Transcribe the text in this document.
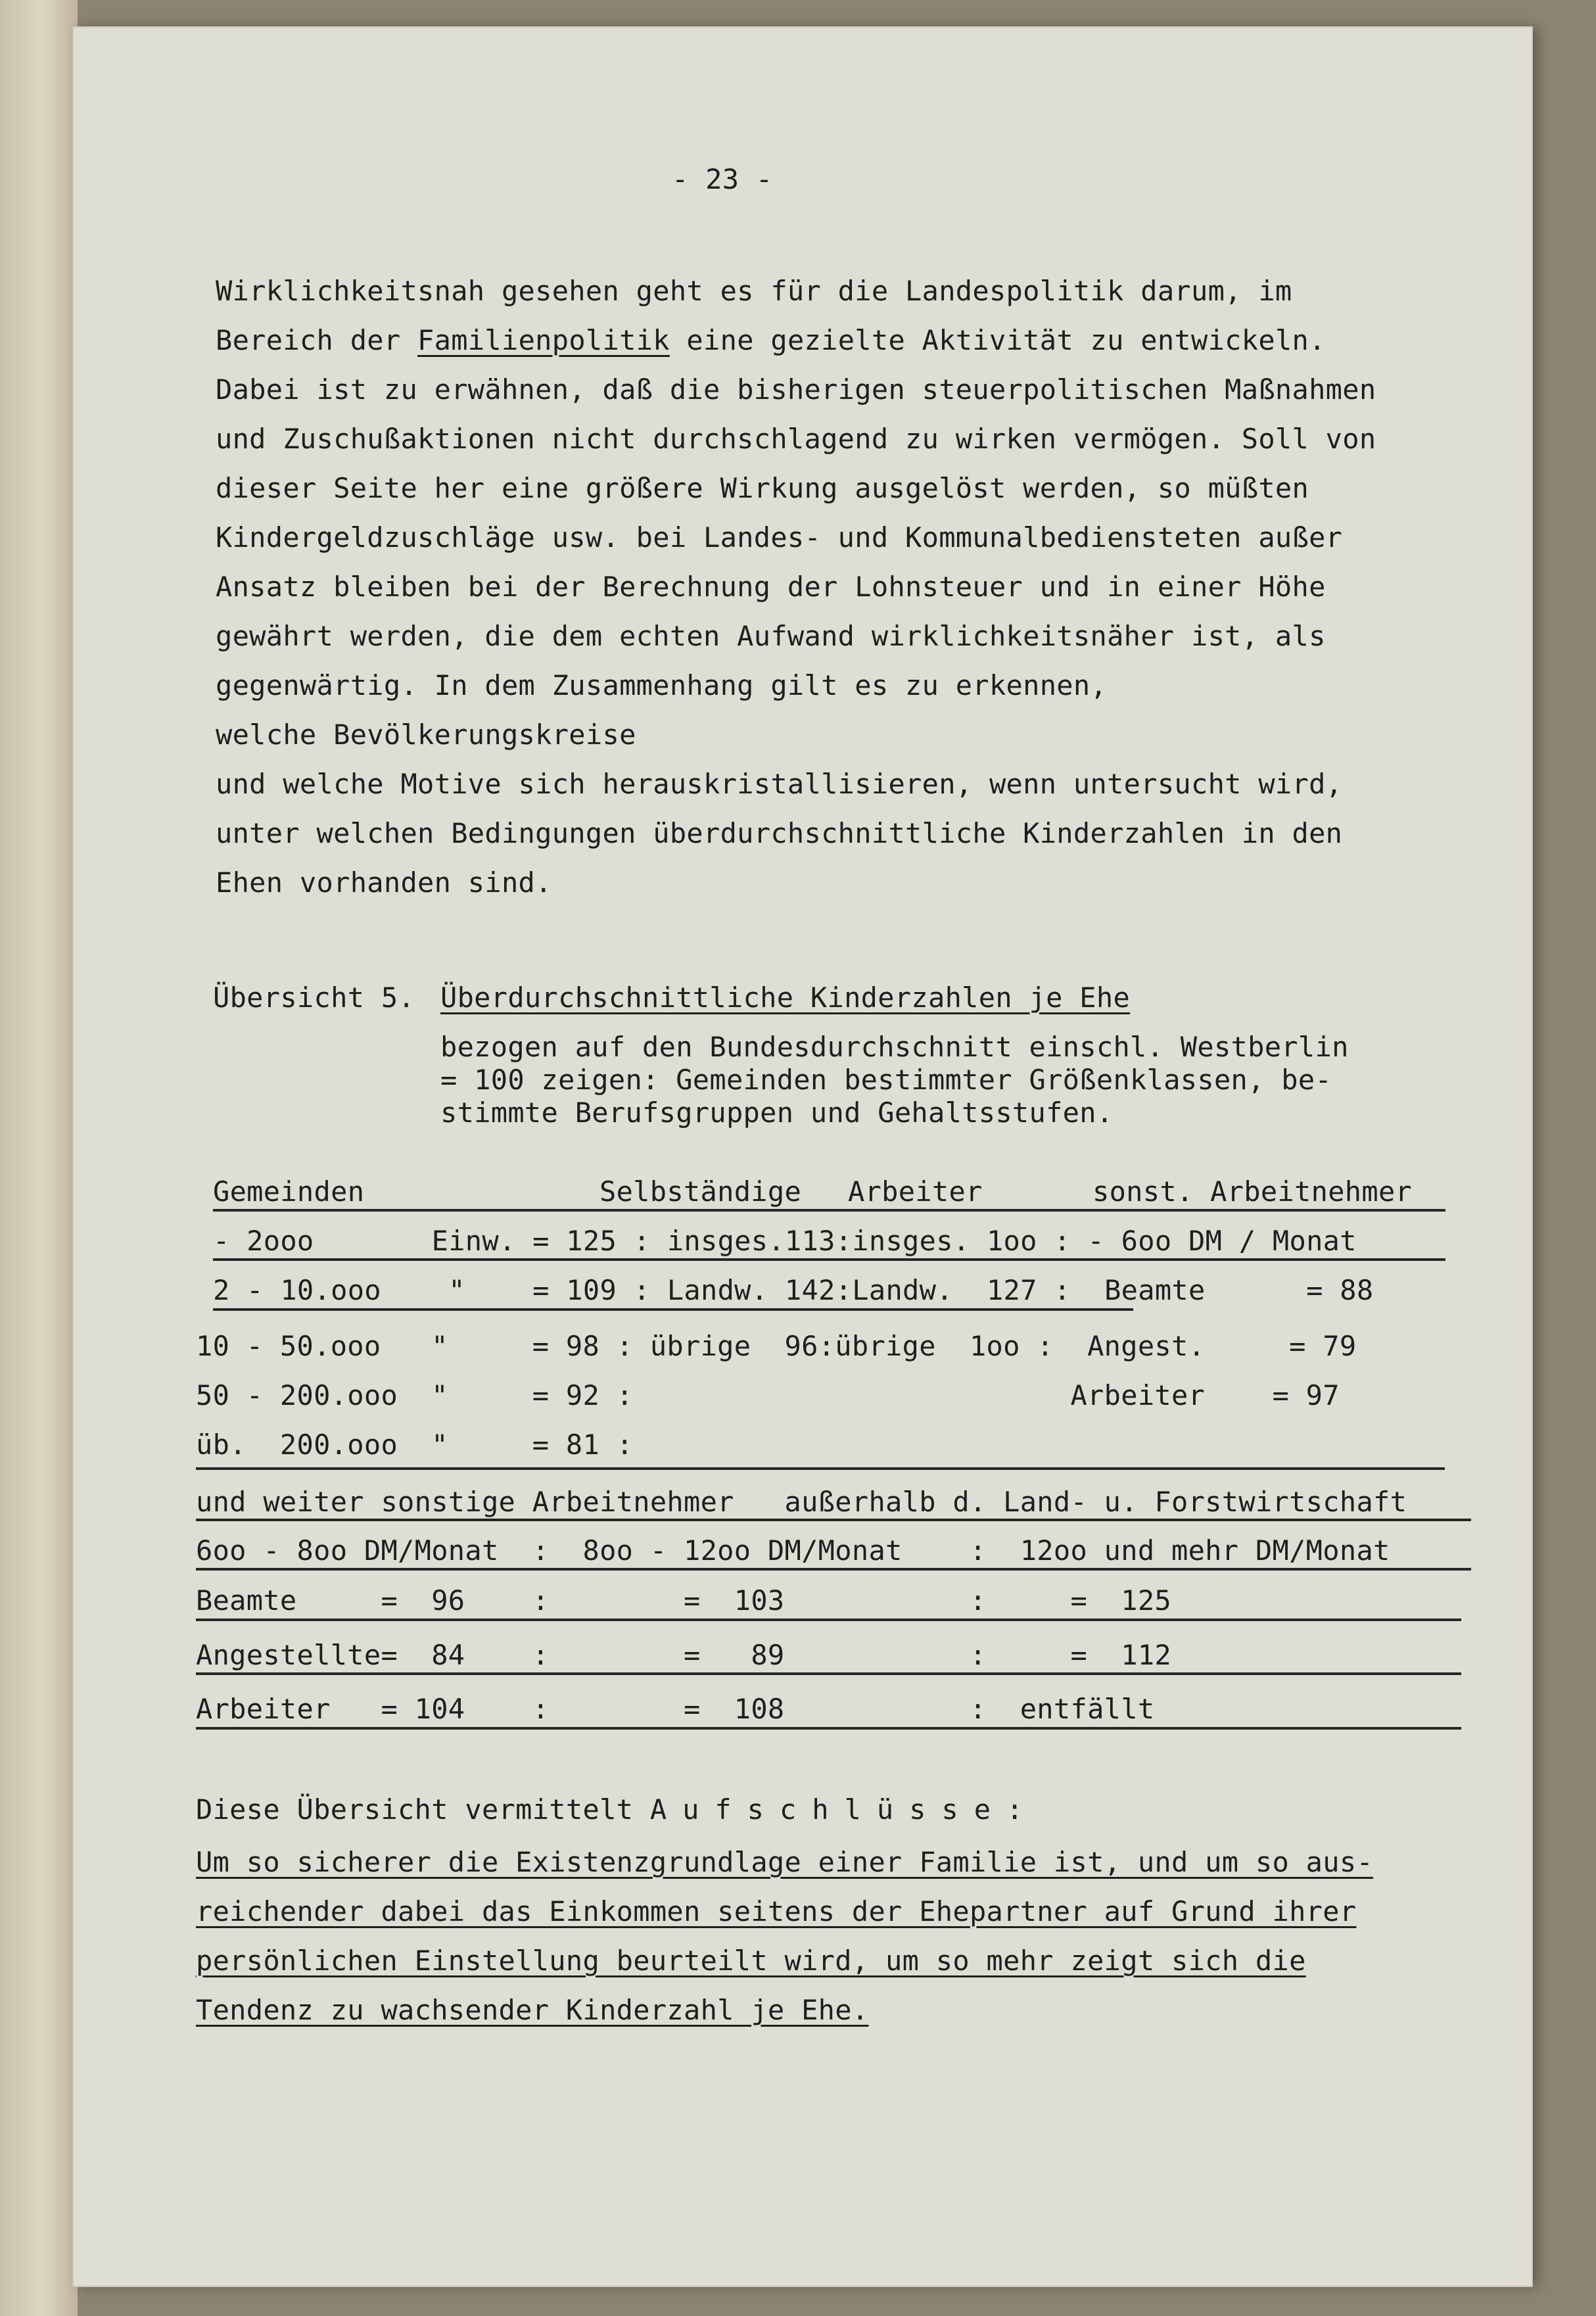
- 23 -
Wirklichkeitsnah gesehen geht es für die Landespolitik darum, im
Bereich der Familienpolitik eine gezielte Aktivität zu entwickeln.
Dabei ist zu erwähnen, daß die bisherigen steuerpolitischen Maßnahmen
und Zuschußaktionen nicht durchschlagend zu wirken vermögen. Soll von
dieser Seite her eine größere Wirkung ausgelöst werden, so müßten
Kindergeldzuschläge usw. bei Landes- und Kommunalbediensteten außer
Ansatz bleiben bei der Berechnung der Lohnsteuer und in einer Höhe
gewährt werden, die dem echten Aufwand wirklichkeitsnäher ist, als
gegenwärtig. In dem Zusammenhang gilt es zu erkennen,
welche Bevölkerungskreise
und welche Motive sich herauskristallisieren, wenn untersucht wird,
unter welchen Bedingungen überdurchschnittliche Kinderzahlen in den
Ehen vorhanden sind.
Übersicht 5. Überdurchschnittliche Kinderzahlen je Ehe
bezogen auf den Bundesdurchschnitt einschl. Westberlin
= 100 zeigen: Gemeinden bestimmter Größenklassen, be-
stimmte Berufsgruppen und Gehaltsstufen.
Gemeinden	Selbständige Arbeiter	sonst. Arbeitnehmer
- 2ooo       Einw. = 125 : insges.113:insges. 1oo : - 6oo DM / Monat
2 - 10.ooo    "    = 109 : Landw. 142:Landw.  127 :  Beamte      = 88
10 - 50.ooo   "     = 98 : übrige  96:übrige  1oo :  Angest.     = 79
50 - 200.ooo  "     = 92 :                          Arbeiter    = 97
üb.  200.ooo  "     = 81 :
und weiter sonstige Arbeitnehmer   außerhalb d. Land- u. Forstwirtschaft
6oo - 8oo DM/Monat  :  8oo - 12oo DM/Monat    :  12oo und mehr DM/Monat
Beamte     =  96    :        =  103           :     =  125
Angestellte=  84    :        =   89           :     =  112
Arbeiter   = 104    :        =  108           :  entfällt
Diese Übersicht vermittelt Aufschlüsse:
Um so sicherer die Existenzgrundlage einer Familie ist, und um so aus-
reichender dabei das Einkommen seitens der Ehepartner auf Grund ihrer
persönlichen Einstellung beurteilt wird, um so mehr zeigt sich die
Tendenz zu wachsender Kinderzahl je Ehe.
